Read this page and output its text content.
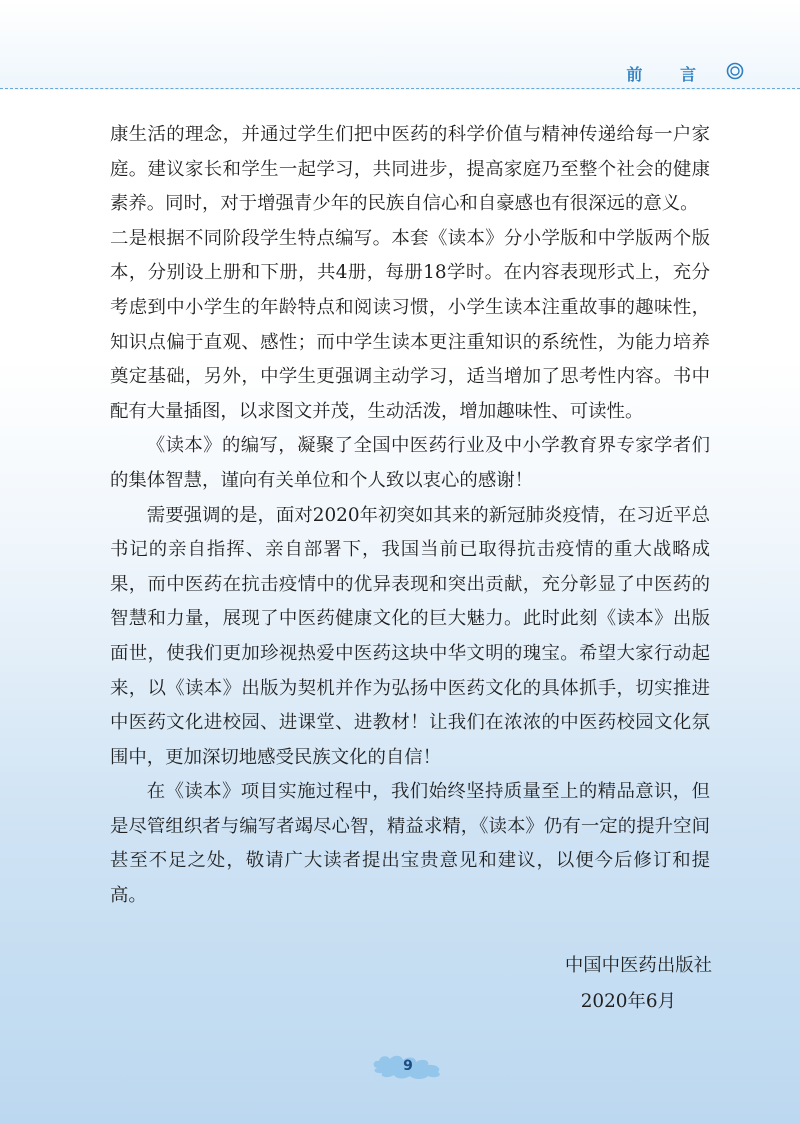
前 言

康生活的理念，并通过学生们把中医药的科学价值与精神传递给每一户家庭。建议家长和学生一起学习，共同进步，提高家庭乃至整个社会的健康素养。同时，对于增强青少年的民族自信心和自豪感也有很深远的意义。

二是根据不同阶段学生特点编写。本套《读本》分小学版和中学版两个版本，分别设上册和下册，共4册，每册18学时。在内容表现形式上，充分考虑到中小学生的年龄特点和阅读习惯，小学生读本注重故事的趣味性，知识点偏于直观、感性；而中学生读本更注重知识的系统性，为能力培养奠定基础，另外，中学生更强调主动学习，适当增加了思考性内容。书中配有大量插图，以求图文并茂，生动活泼，增加趣味性、可读性。

《读本》的编写，凝聚了全国中医药行业及中小学教育界专家学者们的集体智慧，谨向有关单位和个人致以衷心的感谢！

需要强调的是，面对2020年初突如其来的新冠肺炎疫情，在习近平总书记的亲自指挥、亲自部署下，我国当前已取得抗击疫情的重大战略成果，而中医药在抗击疫情中的优异表现和突出贡献，充分彰显了中医药的智慧和力量，展现了中医药健康文化的巨大魅力。此时此刻《读本》出版面世，使我们更加珍视热爱中医药这块中华文明的瑰宝。希望大家行动起来，以《读本》出版为契机并作为弘扬中医药文化的具体抓手，切实推进中医药文化进校园、进课堂、进教材！让我们在浓浓的中医药校园文化氛围中，更加深切地感受民族文化的自信！

在《读本》项目实施过程中，我们始终坚持质量至上的精品意识，但是尽管组织者与编写者竭尽心智，精益求精，《读本》仍有一定的提升空间甚至不足之处，敬请广大读者提出宝贵意见和建议，以便今后修订和提高。

中国中医药出版社
2020年6月
9
